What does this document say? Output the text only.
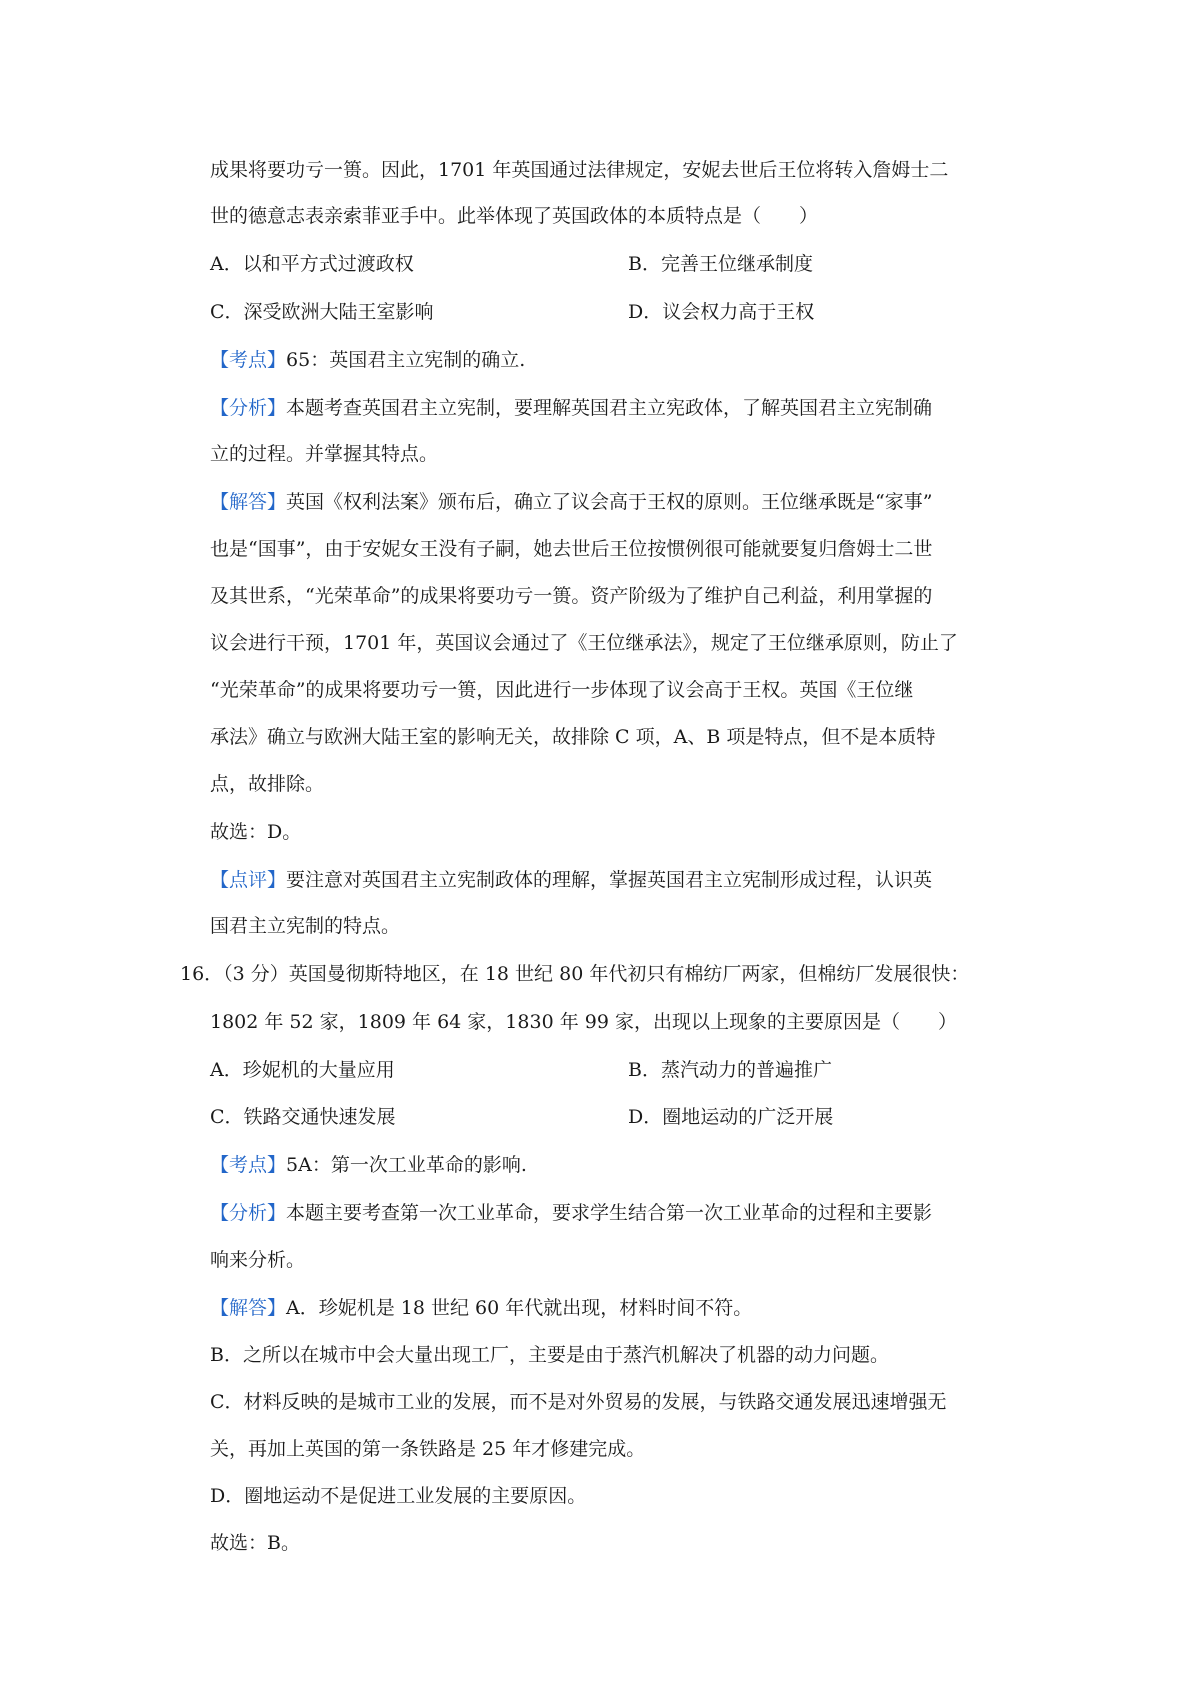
成果将要功亏一篑。因此，1701 年英国通过法律规定，安妮去世后王位将转入詹姆士二
世的德意志表亲索菲亚手中。此举体现了英国政体的本质特点是（　　）
A．以和平方式过渡政权	B．完善王位继承制度
C．深受欧洲大陆王室影响	D．议会权力高于王权
【考点】65：英国君主立宪制的确立.
【分析】本题考查英国君主立宪制，要理解英国君主立宪政体，了解英国君主立宪制确
立的过程。并掌握其特点。
【解答】英国《权利法案》颁布后，确立了议会高于王权的原则。王位继承既是“家事”
也是“国事”，由于安妮女王没有子嗣，她去世后王位按惯例很可能就要复归詹姆士二世
及其世系，“光荣革命”的成果将要功亏一篑。资产阶级为了维护自己利益，利用掌握的
议会进行干预，1701 年，英国议会通过了《王位继承法》，规定了王位继承原则，防止了
“光荣革命”的成果将要功亏一篑，因此进行一步体现了议会高于王权。英国《王位继
承法》确立与欧洲大陆王室的影响无关，故排除 C 项，A、B 项是特点，但不是本质特
点，故排除。
故选：D。
【点评】要注意对英国君主立宪制政体的理解，掌握英国君主立宪制形成过程，认识英
国君主立宪制的特点。
16．（3 分）英国曼彻斯特地区，在 18 世纪 80 年代初只有棉纺厂两家，但棉纺厂发展很快：
1802 年 52 家，1809 年 64 家，1830 年 99 家，出现以上现象的主要原因是（　　）
A．珍妮机的大量应用	B．蒸汽动力的普遍推广
C．铁路交通快速发展	D．圈地运动的广泛开展
【考点】5A：第一次工业革命的影响.
【分析】本题主要考查第一次工业革命，要求学生结合第一次工业革命的过程和主要影
响来分析。
【解答】A．珍妮机是 18 世纪 60 年代就出现，材料时间不符。
B．之所以在城市中会大量出现工厂，主要是由于蒸汽机解决了机器的动力问题。
C．材料反映的是城市工业的发展，而不是对外贸易的发展，与铁路交通发展迅速增强无
关，再加上英国的第一条铁路是 25 年才修建完成。
D．圈地运动不是促进工业发展的主要原因。
故选：B。
